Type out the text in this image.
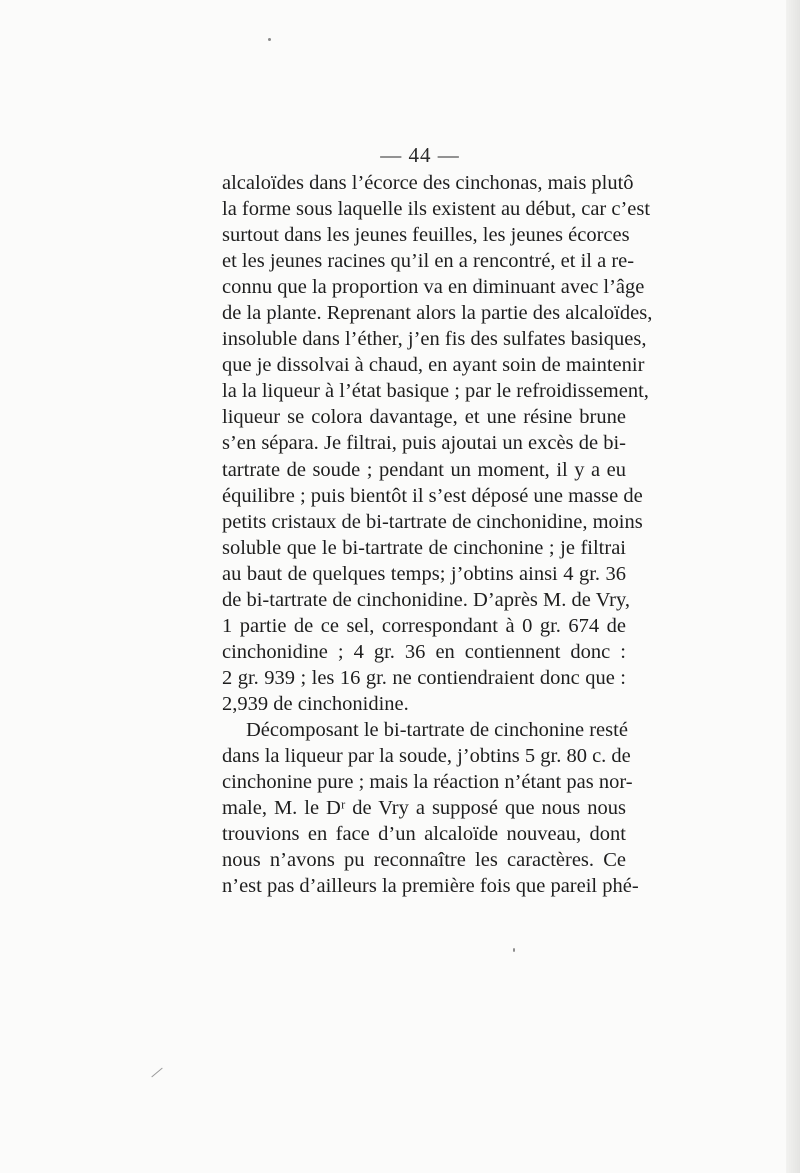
— 44 —
alcaloïdes dans l’écorce des cinchonas, mais plutô
la forme sous laquelle ils existent au début, car c’est
surtout dans les jeunes feuilles, les jeunes écorces
et les jeunes racines qu’il en a rencontré, et il a re-
connu que la proportion va en diminuant avec l’âge
de la plante. Reprenant alors la partie des alcaloïdes,
insoluble dans l’éther, j’en fis des sulfates basiques,
que je dissolvai à chaud, en ayant soin de maintenir
la la liqueur à l’état basique ; par le refroidissement,
liqueur se colora davantage, et une résine brune
s’en sépara. Je filtrai, puis ajoutai un excès de bi-
tartrate de soude ; pendant un moment, il y a eu
équilibre ; puis bientôt il s’est déposé une masse de
petits cristaux de bi-tartrate de cinchonidine, moins
soluble que le bi-tartrate de cinchonine ; je filtrai
au baut de quelques temps; j’obtins ainsi 4 gr. 36
de bi-tartrate de cinchonidine. D’après M. de Vry,
1 partie de ce sel, correspondant à 0 gr. 674 de
cinchonidine ; 4 gr. 36 en contiennent donc :
2 gr. 939 ; les 16 gr. ne contiendraient donc que :
2,939 de cinchonidine.
Décomposant le bi-tartrate de cinchonine resté
dans la liqueur par la soude, j’obtins 5 gr. 80 c. de
cinchonine pure ; mais la réaction n’étant pas nor-
male, M. le Dʳ de Vry a supposé que nous nous
trouvions en face d’un alcaloïde nouveau, dont
nous n’avons pu reconnaître les caractères. Ce
n’est pas d’ailleurs la première fois que pareil phé-
